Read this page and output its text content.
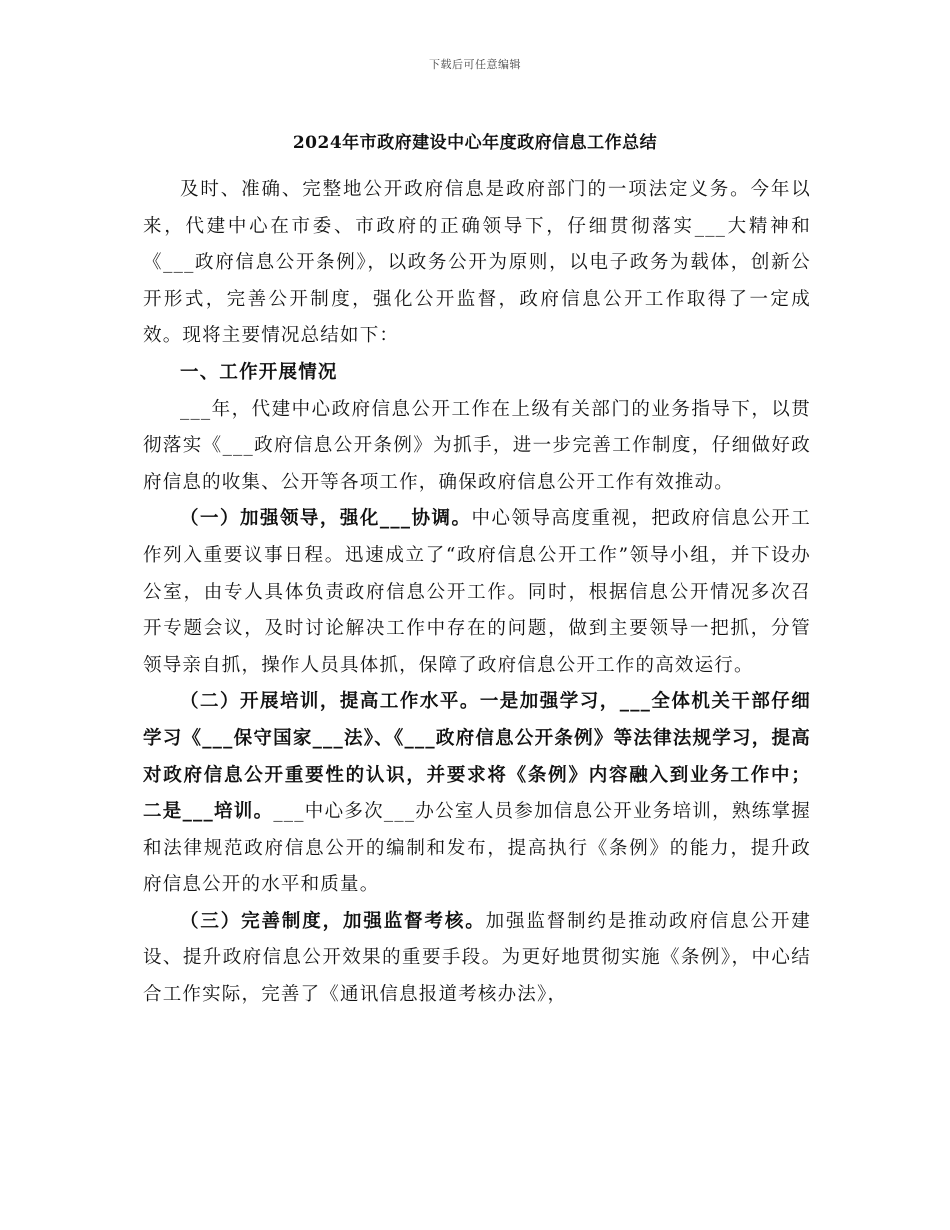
下载后可任意编辑
2024年市政府建设中心年度政府信息工作总结

及时、准确、完整地公开政府信息是政府部门的一项法定义务。今年以来，代建中心在市委、市政府的正确领导下，仔细贯彻落实___大精神和《___政府信息公开条例》，以政务公开为原则，以电子政务为载体，创新公开形式，完善公开制度，强化公开监督，政府信息公开工作取得了一定成效。现将主要情况总结如下：

一、工作开展情况

___年，代建中心政府信息公开工作在上级有关部门的业务指导下，以贯彻落实《___政府信息公开条例》为抓手，进一步完善工作制度，仔细做好政府信息的收集、公开等各项工作，确保政府信息公开工作有效推动。

（一）加强领导，强化___协调。中心领导高度重视，把政府信息公开工作列入重要议事日程。迅速成立了“政府信息公开工作”领导小组，并下设办公室，由专人具体负责政府信息公开工作。同时，根据信息公开情况多次召开专题会议，及时讨论解决工作中存在的问题，做到主要领导一把抓，分管领导亲自抓，操作人员具体抓，保障了政府信息公开工作的高效运行。

（二）开展培训，提高工作水平。一是加强学习，___全体机关干部仔细学习《___保守国家___法》、《___政府信息公开条例》等法律法规学习，提高对政府信息公开重要性的认识，并要求将《条例》内容融入到业务工作中；二是___培训。___中心多次___办公室人员参加信息公开业务培训，熟练掌握和法律规范政府信息公开的编制和发布，提高执行《条例》的能力，提升政府信息公开的水平和质量。

（三）完善制度，加强监督考核。加强监督制约是推动政府信息公开建设、提升政府信息公开效果的重要手段。为更好地贯彻实施《条例》，中心结合工作实际，完善了《通讯信息报道考核办法》，
